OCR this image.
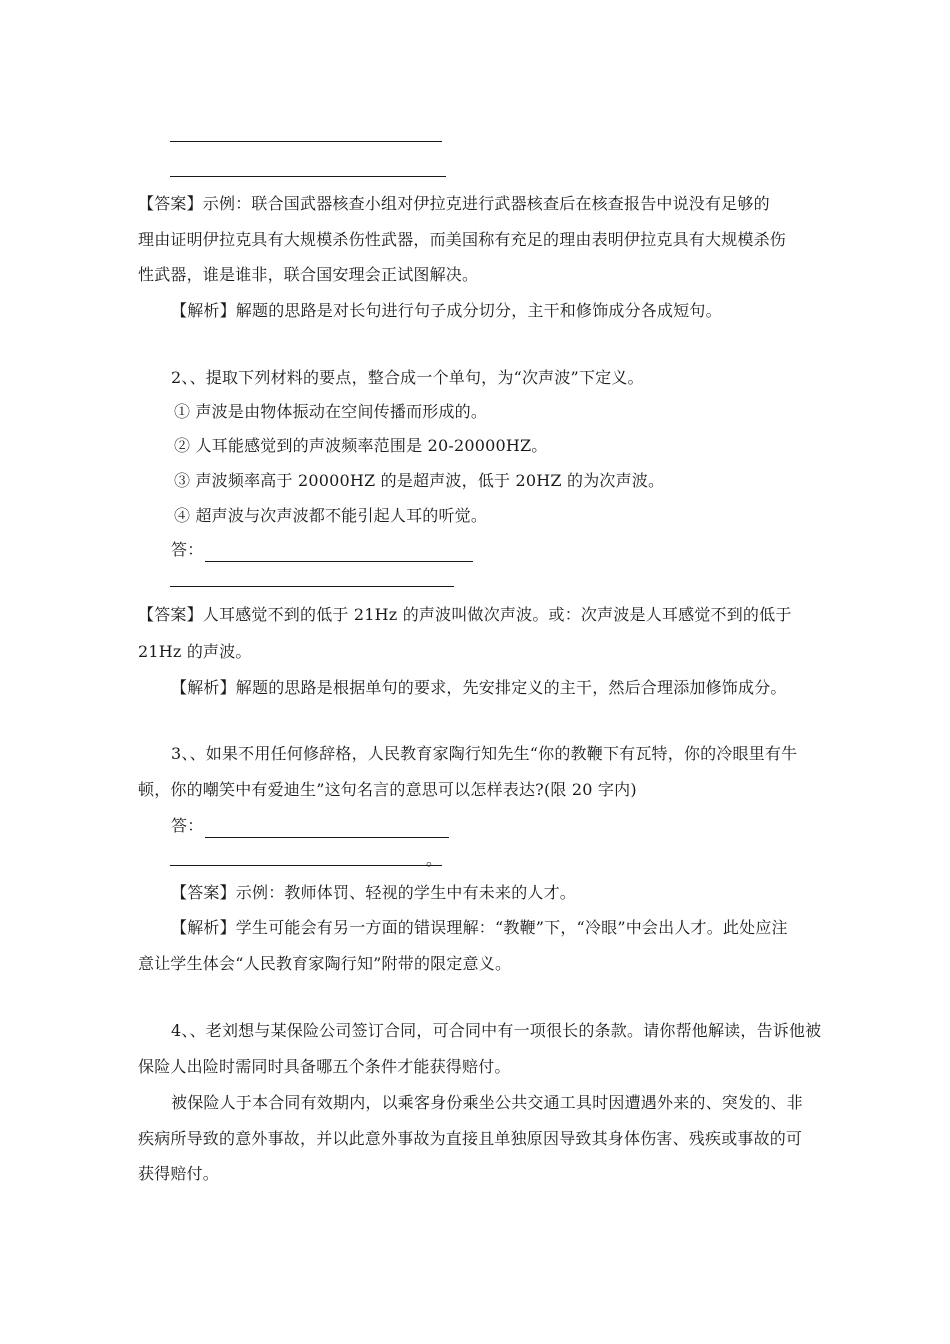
【答案】示例：联合国武器核查小组对伊拉克进行武器核查后在核查报告中说没有足够的
理由证明伊拉克具有大规模杀伤性武器，而美国称有充足的理由表明伊拉克具有大规模杀伤
性武器，谁是谁非，联合国安理会正试图解决。
【解析】解题的思路是对长句进行句子成分切分，主干和修饰成分各成短句。
2、、提取下列材料的要点，整合成一个单句，为“次声波”下定义。
① 声波是由物体振动在空间传播而形成的。
② 人耳能感觉到的声波频率范围是 20-20000HZ。
③ 声波频率高于 20000HZ 的是超声波，低于 20HZ 的为次声波。
④ 超声波与次声波都不能引起人耳的听觉。
答：
【答案】人耳感觉不到的低于 21Hz 的声波叫做次声波。或：次声波是人耳感觉不到的低于
21Hz 的声波。
【解析】解题的思路是根据单句的要求，先安排定义的主干，然后合理添加修饰成分。
3、、如果不用任何修辞格，人民教育家陶行知先生“你的教鞭下有瓦特，你的冷眼里有牛
顿，你的嘲笑中有爱迪生”这句名言的意思可以怎样表达?(限 20 字内)
答：
。
【答案】示例：教师体罚、轻视的学生中有未来的人才。
【解析】学生可能会有另一方面的错误理解：“教鞭”下，“冷眼”中会出人才。此处应注
意让学生体会“人民教育家陶行知”附带的限定意义。
4、、老刘想与某保险公司签订合同，可合同中有一项很长的条款。请你帮他解读，告诉他被
保险人出险时需同时具备哪五个条件才能获得赔付。
被保险人于本合同有效期内，以乘客身份乘坐公共交通工具时因遭遇外来的、突发的、非
疾病所导致的意外事故，并以此意外事故为直接且单独原因导致其身体伤害、残疾或事故的可
获得赔付。
